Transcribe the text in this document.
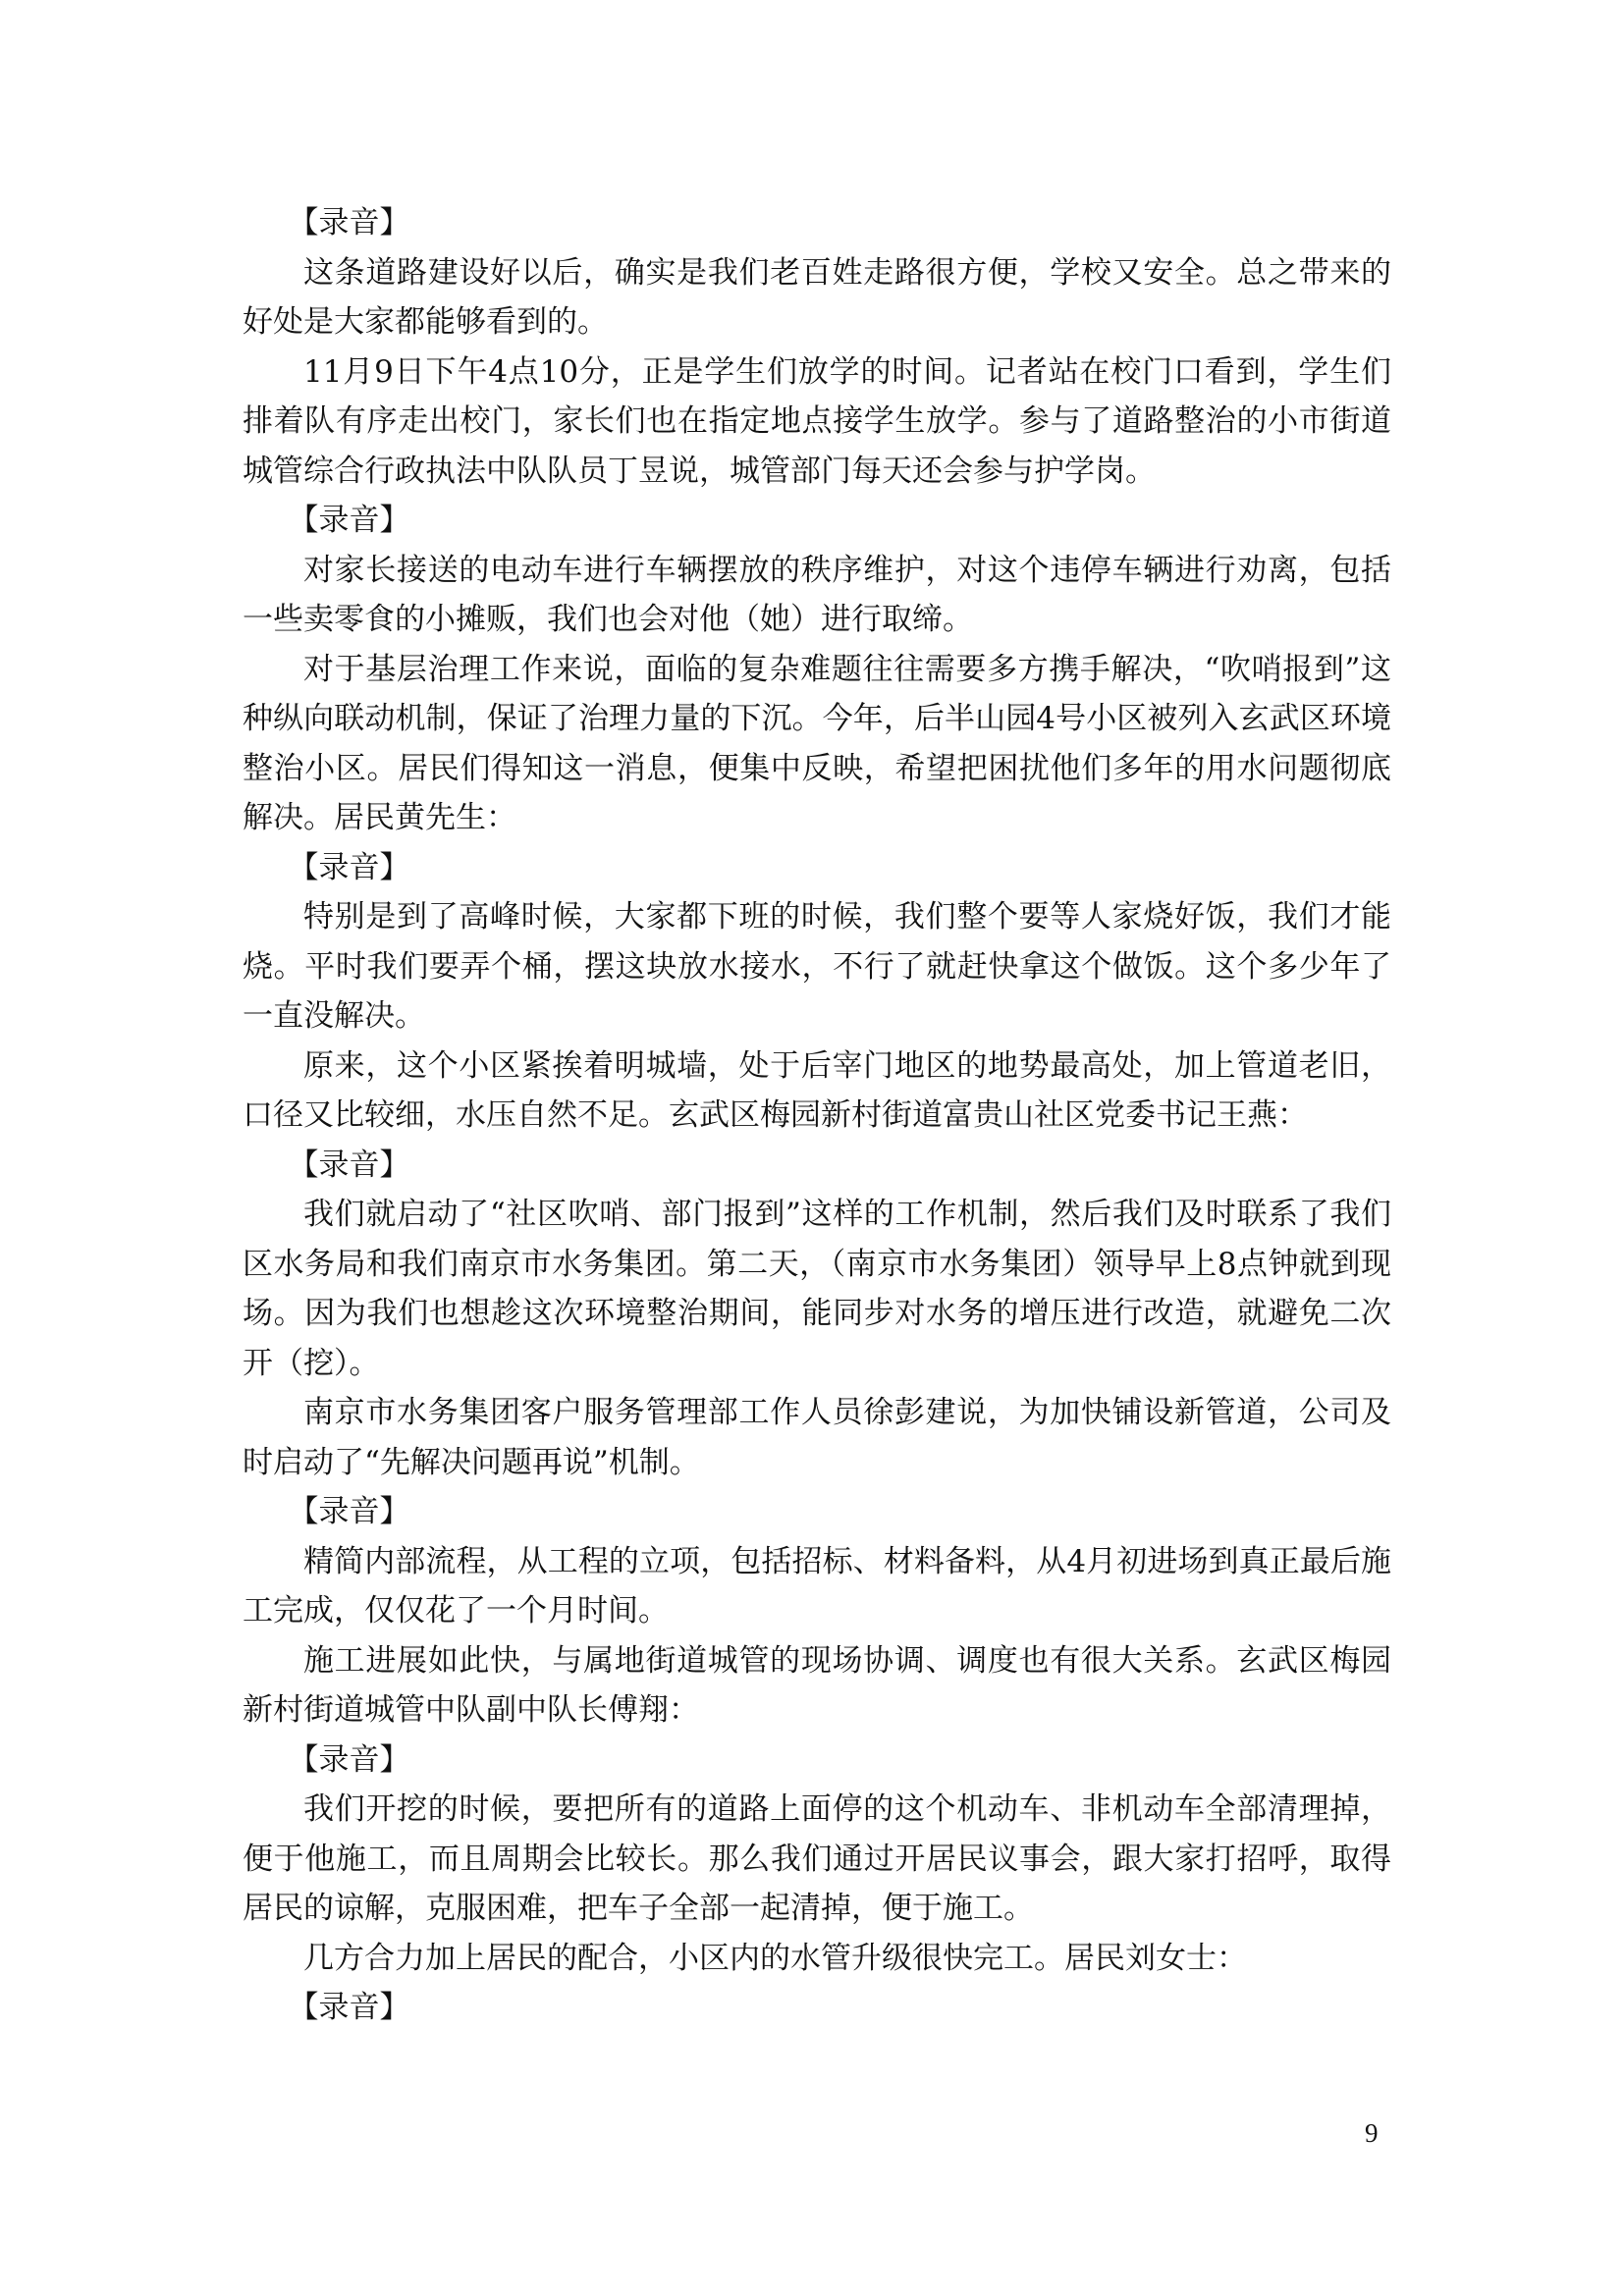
【录音】

这条道路建设好以后，确实是我们老百姓走路很方便，学校又安全。总之带来的好处是大家都能够看到的。

11月9日下午4点10分，正是学生们放学的时间。记者站在校门口看到，学生们排着队有序走出校门，家长们也在指定地点接学生放学。参与了道路整治的小市街道城管综合行政执法中队队员丁昱说，城管部门每天还会参与护学岗。

【录音】

对家长接送的电动车进行车辆摆放的秩序维护，对这个违停车辆进行劝离，包括一些卖零食的小摊贩，我们也会对他（她）进行取缔。

对于基层治理工作来说，面临的复杂难题往往需要多方携手解决，“吹哨报到”这种纵向联动机制，保证了治理力量的下沉。今年，后半山园4号小区被列入玄武区环境整治小区。居民们得知这一消息，便集中反映，希望把困扰他们多年的用水问题彻底解决。居民黄先生：

【录音】

特别是到了高峰时候，大家都下班的时候，我们整个要等人家烧好饭，我们才能烧。平时我们要弄个桶，摆这块放水接水，不行了就赶快拿这个做饭。这个多少年了一直没解决。

原来，这个小区紧挨着明城墙，处于后宰门地区的地势最高处，加上管道老旧，口径又比较细，水压自然不足。玄武区梅园新村街道富贵山社区党委书记王燕：

【录音】

我们就启动了“社区吹哨、部门报到”这样的工作机制，然后我们及时联系了我们区水务局和我们南京市水务集团。第二天，（南京市水务集团）领导早上8点钟就到现场。因为我们也想趁这次环境整治期间，能同步对水务的增压进行改造，就避免二次开（挖）。

南京市水务集团客户服务管理部工作人员徐彭建说，为加快铺设新管道，公司及时启动了“先解决问题再说”机制。

【录音】

精简内部流程，从工程的立项，包括招标、材料备料，从4月初进场到真正最后施工完成，仅仅花了一个月时间。

施工进展如此快，与属地街道城管的现场协调、调度也有很大关系。玄武区梅园新村街道城管中队副中队长傅翔：

【录音】

我们开挖的时候，要把所有的道路上面停的这个机动车、非机动车全部清理掉，便于他施工，而且周期会比较长。那么我们通过开居民议事会，跟大家打招呼，取得居民的谅解，克服困难，把车子全部一起清掉，便于施工。

几方合力加上居民的配合，小区内的水管升级很快完工。居民刘女士：

【录音】

9
